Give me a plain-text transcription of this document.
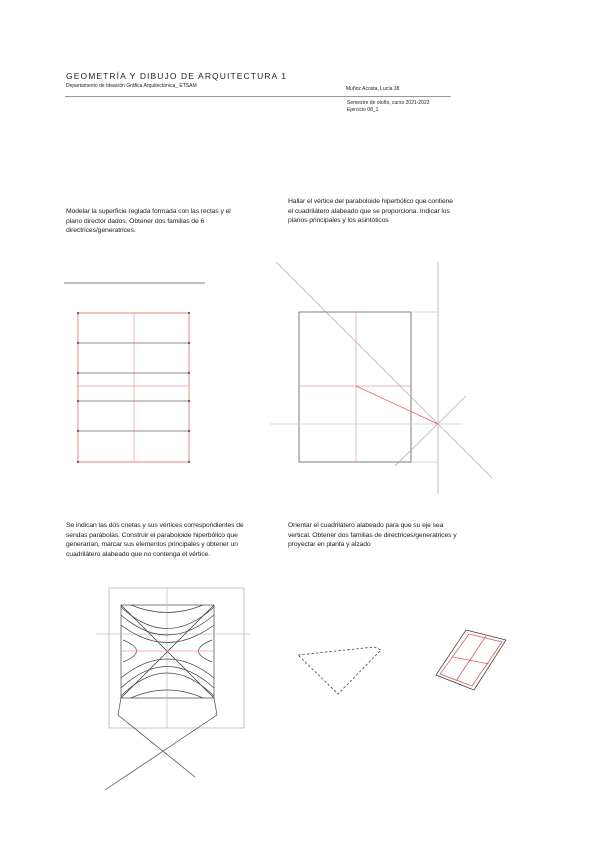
GEOMETRÍA Y DIBUJO DE ARQUITECTURA 1
Departamento de Ideación Gráfica Arquitectónica_ ETSAM	Muñoz Acosta, Lucía 38
Semestre de otoño, curso 2021-2022
Ejercicio 08_1
Modelar la superficie reglada formada con las rectas y el plano director dados. Obtener dos familias de 6 directrices/generatrices.
Hallar el vértice del paraboloide hiperbólico que contiene el cuadrilátero alabeado que se proporciona. Indicar los planos principales y los asintóticos
Se indican las dos cnetas y sus vértices correspondientes de sendas parábolas. Construir el paraboloide hiperbólico que generarían, marcar sus elementos principales y obtener un cuadrilátero alabeado que no contenga el vértice.
Orientar el cuadrilátero alabeado para que su eje sea vertical. Obtener dos familias de directrices/generatrices y proyectar en planta y alzado
